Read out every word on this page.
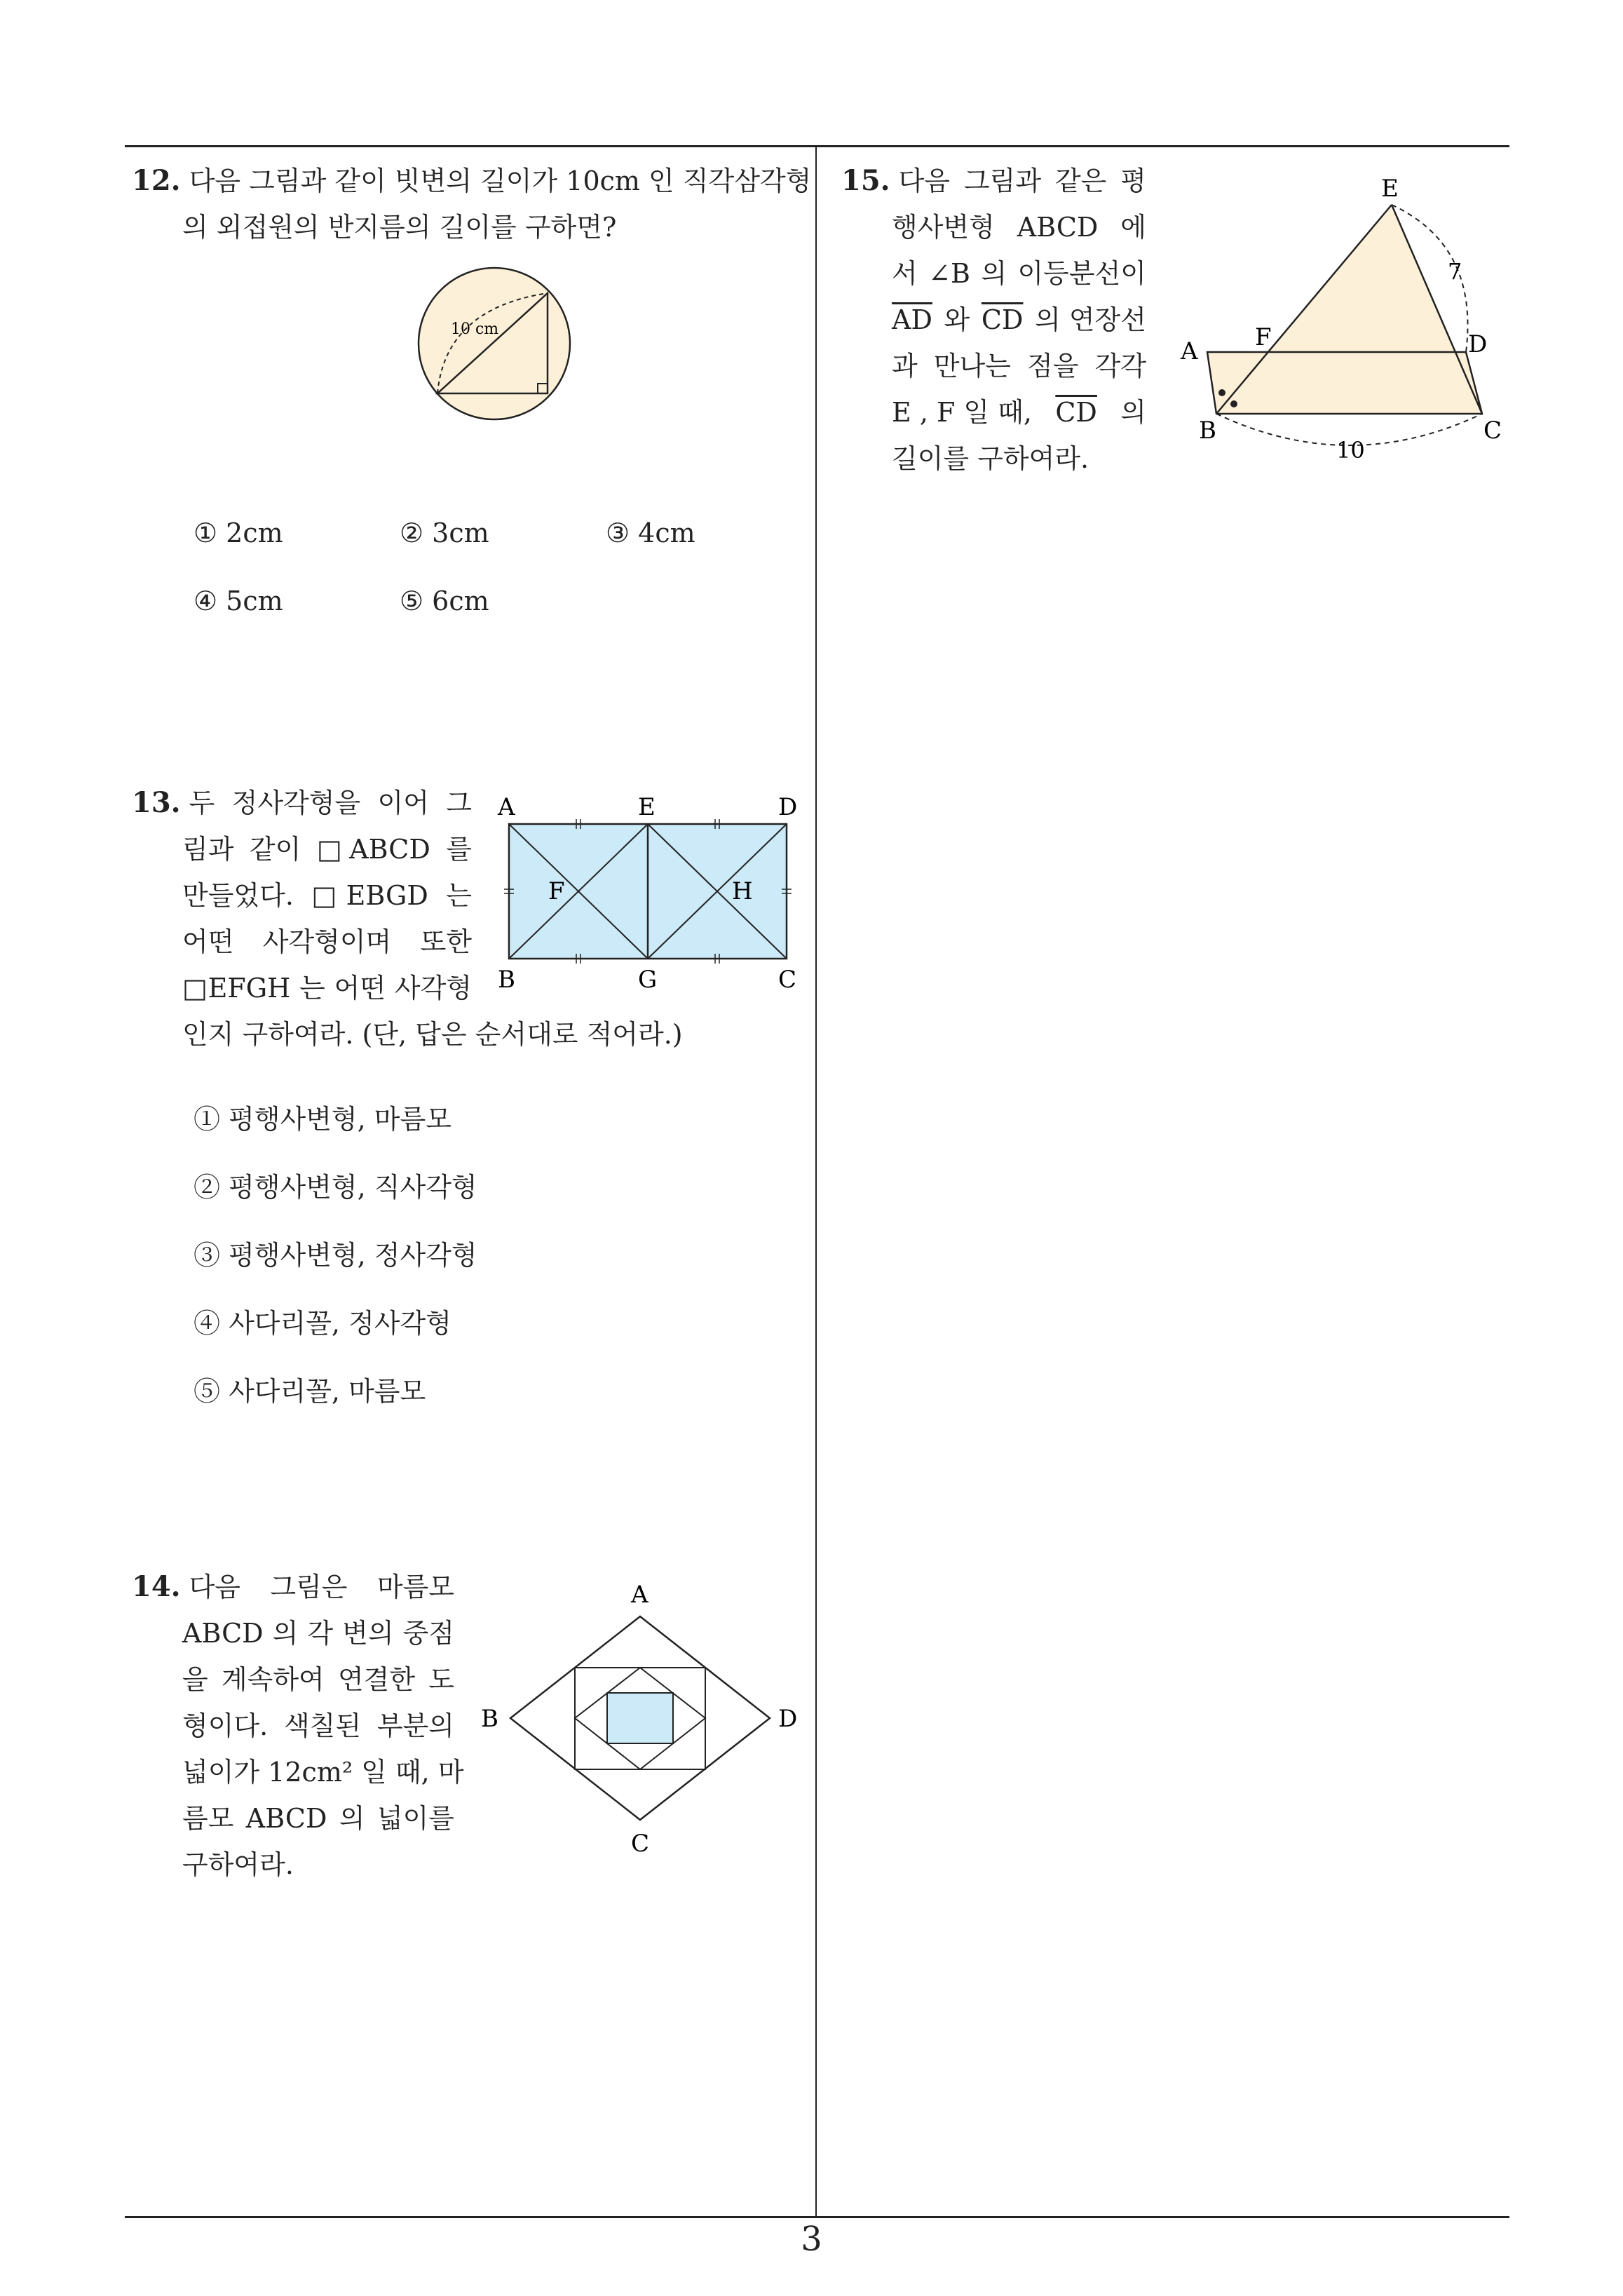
12. 다음 그림과 같이 빗변의 길이가 10cm 인 직각삼각형
의 외접원의 반지름의 길이를 구하면?
10 cm
① 2cm	② 3cm	③ 4cm
④ 5cm	⑤ 6cm
13. 두 정사각형을 이어 그
림과 같이 □ABCD 를
만들었다. □EBGD 는
어떤 사각형이며 또한
□EFGH 는 어떤 사각형
인지 구하여라. (단, 답은 순서대로 적어라.)
A	E	D
F	H
B	G	C
① 평행사변형, 마름모
② 평행사변형, 직사각형
③ 평행사변형, 정사각형
④ 사다리꼴, 정사각형
⑤ 사다리꼴, 마름모
14. 다음 그림은 마름모
ABCD 의 각 변의 중점
을 계속하여 연결한 도
형이다. 색칠된 부분의
넓이가 12cm² 일 때, 마
름모 ABCD 의 넓이를
구하여라.
A
B	D
C
15. 다음 그림과 같은 평
행사변형 ABCD 에
서 ∠B 의 이등분선이
$\overline{AD}$ 와 $\overline{CD}$ 의 연장선
과 만나는 점을 각각
E , F 일 때, $\overline{CD}$ 의
길이를 구하여라.
E
7
A F	D
B	C
10
3
